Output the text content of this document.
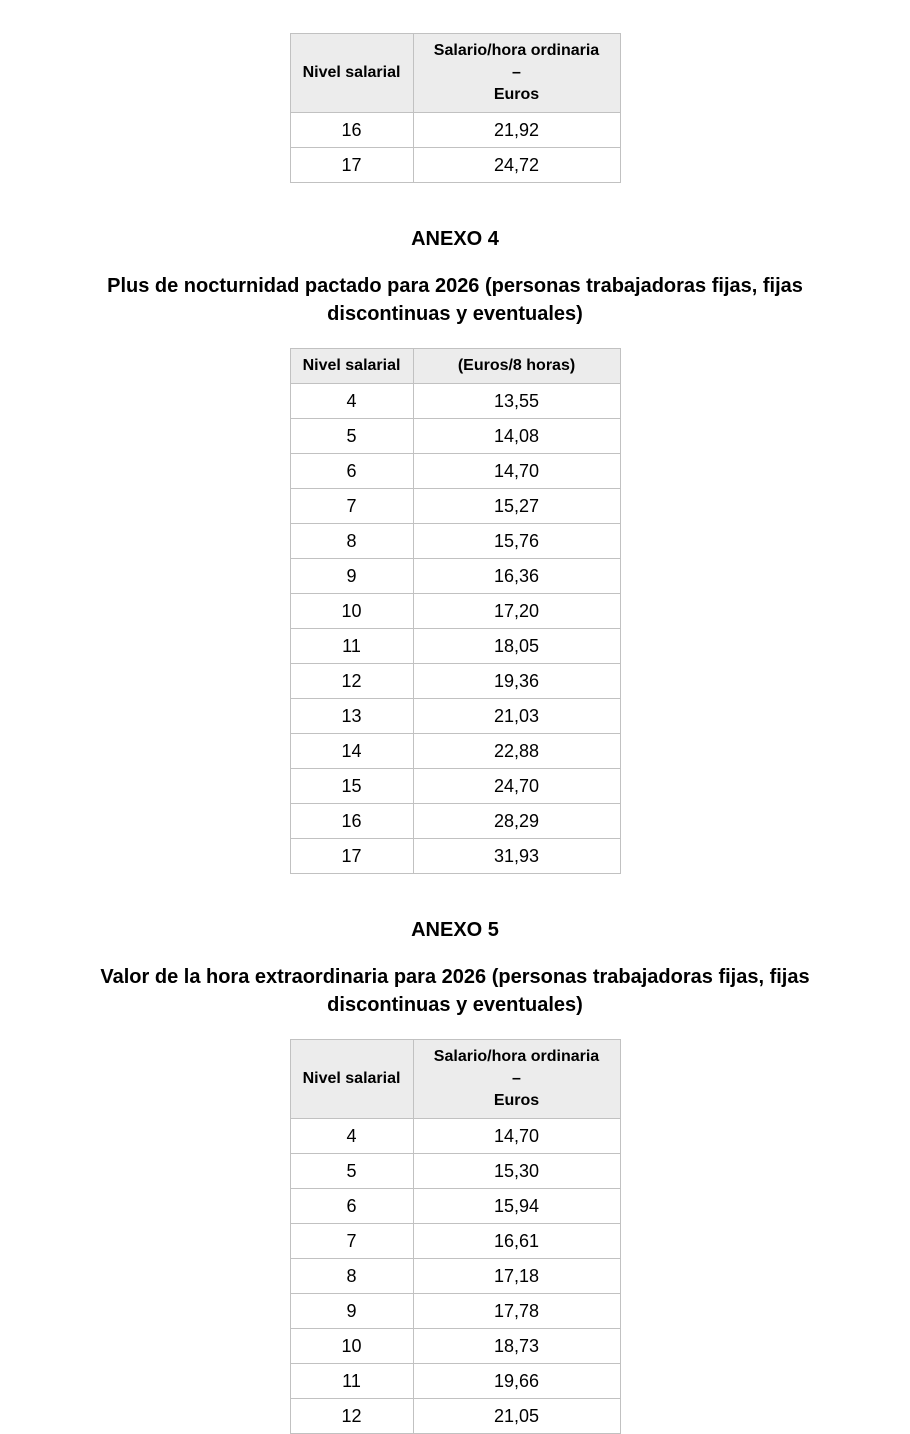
Nivel salarial	Salario/hora ordinaria
–
Euros

16	21,92
17	24,72
ANEXO 4

Plus de nocturnidad pactado para 2026 (personas trabajadoras fijas, fijas discontinuas y eventuales)

Nivel salarial	(Euros/8 horas)
4	13,55
5	14,08
6	14,70
7	15,27
8	15,76
9	16,36
10	17,20
11	18,05
12	19,36
13	21,03
14	22,88
15	24,70
16	28,29
17	31,93
ANEXO 5

Valor de la hora extraordinaria para 2026 (personas trabajadoras fijas, fijas discontinuas y eventuales)

Nivel salarial	Salario/hora ordinaria
–
Euros

4	14,70
5	15,30
6	15,94
7	16,61
8	17,18
9	17,78
10	18,73
11	19,66
12	21,05
